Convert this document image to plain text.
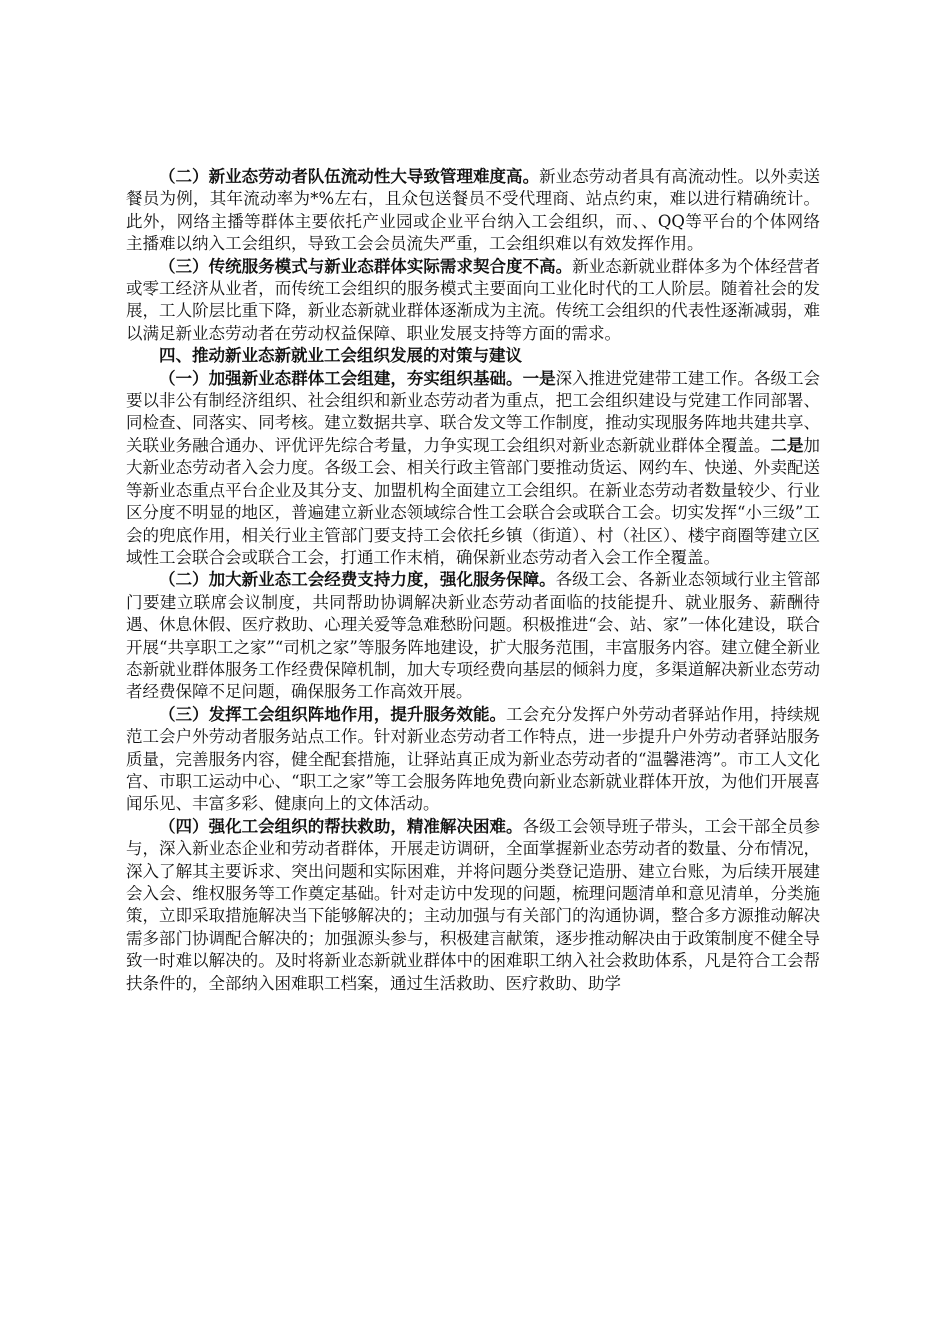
（二）新业态劳动者队伍流动性大导致管理难度高。新业态劳动者具有高流动性。以外卖送餐员为例，其年流动率为*%左右，且众包送餐员不受代理商、站点约束，难以进行精确统计。此外，网络主播等群体主要依托产业园或企业平台纳入工会组织，而、、QQ等平台的个体网络主播难以纳入工会组织，导致工会会员流失严重，工会组织难以有效发挥作用。

（三）传统服务模式与新业态群体实际需求契合度不高。新业态新就业群体多为个体经营者或零工经济从业者，而传统工会组织的服务模式主要面向工业化时代的工人阶层。随着社会的发展，工人阶层比重下降，新业态新就业群体逐渐成为主流。传统工会组织的代表性逐渐减弱，难以满足新业态劳动者在劳动权益保障、职业发展支持等方面的需求。

四、推动新业态新就业工会组织发展的对策与建议

（一）加强新业态群体工会组建，夯实组织基础。一是深入推进党建带工建工作。各级工会要以非公有制经济组织、社会组织和新业态劳动者为重点，把工会组织建设与党建工作同部署、同检查、同落实、同考核。建立数据共享、联合发文等工作制度，推动实现服务阵地共建共享、关联业务融合通办、评优评先综合考量，力争实现工会组织对新业态新就业群体全覆盖。二是加大新业态劳动者入会力度。各级工会、相关行政主管部门要推动货运、网约车、快递、外卖配送等新业态重点平台企业及其分支、加盟机构全面建立工会组织。在新业态劳动者数量较少、行业区分度不明显的地区，普遍建立新业态领域综合性工会联合会或联合工会。切实发挥“小三级”工会的兜底作用，相关行业主管部门要支持工会依托乡镇（街道）、村（社区）、楼宇商圈等建立区域性工会联合会或联合工会，打通工作末梢，确保新业态劳动者入会工作全覆盖。

（二）加大新业态工会经费支持力度，强化服务保障。各级工会、各新业态领域行业主管部门要建立联席会议制度，共同帮助协调解决新业态劳动者面临的技能提升、就业服务、薪酬待遇、休息休假、医疗救助、心理关爱等急难愁盼问题。积极推进“会、站、家”一体化建设，联合开展“共享职工之家”“司机之家”等服务阵地建设，扩大服务范围，丰富服务内容。建立健全新业态新就业群体服务工作经费保障机制，加大专项经费向基层的倾斜力度，多渠道解决新业态劳动者经费保障不足问题，确保服务工作高效开展。

（三）发挥工会组织阵地作用，提升服务效能。工会充分发挥户外劳动者驿站作用，持续规范工会户外劳动者服务站点工作。针对新业态劳动者工作特点，进一步提升户外劳动者驿站服务质量，完善服务内容，健全配套措施，让驿站真正成为新业态劳动者的“温馨港湾”。市工人文化宫、市职工运动中心、“职工之家”等工会服务阵地免费向新业态新就业群体开放，为他们开展喜闻乐见、丰富多彩、健康向上的文体活动。

（四）强化工会组织的帮扶救助，精准解决困难。各级工会领导班子带头，工会干部全员参与，深入新业态企业和劳动者群体，开展走访调研，全面掌握新业态劳动者的数量、分布情况，深入了解其主要诉求、突出问题和实际困难，并将问题分类登记造册、建立台账，为后续开展建会入会、维权服务等工作奠定基础。针对走访中发现的问题，梳理问题清单和意见清单，分类施策，立即采取措施解决当下能够解决的；主动加强与有关部门的沟通协调，整合多方源推动解决需多部门协调配合解决的；加强源头参与，积极建言献策，逐步推动解决由于政策制度不健全导致一时难以解决的。及时将新业态新就业群体中的困难职工纳入社会救助体系，凡是符合工会帮扶条件的，全部纳入困难职工档案，通过生活救助、医疗救助、助学
